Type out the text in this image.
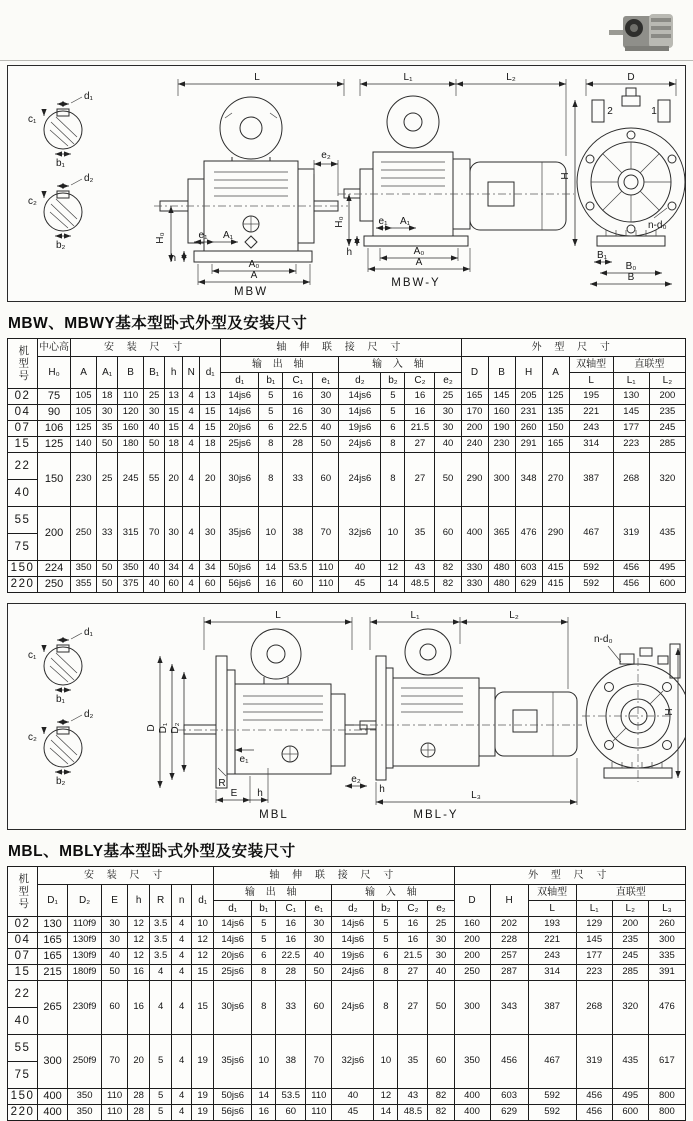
d₁
c₁
b₁
d₂
c₂
b₂
L
H₀
e₂
e₁ A₁
h
A₀
A
MBW
L₁	L₂
H₀	e₁ A₁
h	A₀
A
MBW-Y
D
2	1
H
n-d₀
B₁
B₀
B
MBW、MBWY基本型卧式外型及安装尺寸
机型号	中心高	安 装 尺 寸							轴 伸 联 接 尺 寸								外 型 尺 寸						
	H₀	A	A₁	B	B₁	h	N	d₁	输 出 轴				输 入 轴				D	B	H	A	双轴型	直联型	
									d₁	b₁	C₁	e₁	d₂	b₂	C₂	e₂					L	L₁	L₂
02	75	105	18	110	25	13	4	13	14js6	5	16	30	14js6	5	16	25	165	145	205	125	195	130	200
04	90	105	30	120	30	15	4	15	14js6	5	16	30	14js6	5	16	30	170	160	231	135	221	145	235
07	106	125	35	160	40	15	4	15	20js6	6	22.5	40	19js6	6	21.5	30	200	190	260	150	243	177	245
15	125	140	50	180	50	18	4	18	25js6	8	28	50	24js6	8	27	40	240	230	291	165	314	223	285
22	150	230	25	245	55	20	4	20	30js6	8	33	60	24js6	8	27	50	290	300	348	270	387	268	320
40																							
55	200	250	33	315	70	30	4	30	35js6	10	38	70	32js6	10	35	60	400	365	476	290	467	319	435
75																							
150	224	350	50	350	40	34	4	34	50js6	14	53.5	110	40	12	43	82	330	480	603	415	592	456	495
220	250	355	50	375	40	60	4	60	56js6	16	60	110	45	14	48.5	82	330	480	629	415	592	456	600
d₁
c₁
b₁
d₂
c₂
b₂
L
D D₁ D₂
e₁
R
E h
e₂
MBL
L₁	L₂
h
L₃
MBL-Y
n-d₀
H
MBL、MBLY基本型卧式外型及安装尺寸
机型号	安 装 尺 寸							轴 伸 联 接 尺 寸								外 型 尺 寸					
	D₁	D₂	E	h	R	n	d₁	输 出 轴				输 入 轴				D	H	双轴型	直联型		
								d₁	b₁	C₁	e₁	d₂	b₂	C₂	e₂			L	L₁	L₂	L₃
02	130	110f9	30	12	3.5	4	10	14js6	5	16	30	14js6	5	16	25	160	202	193	129	200	260
04	165	130f9	30	12	3.5	4	12	14js6	5	16	30	14js6	5	16	30	200	228	221	145	235	300
07	165	130f9	40	12	3.5	4	12	20js6	6	22.5	40	19js6	6	21.5	30	200	257	243	177	245	335
15	215	180f9	50	16	4	4	15	25js6	8	28	50	24js6	8	27	40	250	287	314	223	285	391
22	265	230f9	60	16	4	4	15	30js6	8	33	60	24js6	8	27	50	300	343	387	268	320	476
40																					
55	300	250f9	70	20	5	4	19	35js6	10	38	70	32js6	10	35	60	350	456	467	319	435	617
75																					
150	400	350	110	28	5	4	19	50js6	14	53.5	110	40	12	43	82	400	603	592	456	495	800
220	400	350	110	28	5	4	19	56js6	16	60	110	45	14	48.5	82	400	629	592	456	600	800
